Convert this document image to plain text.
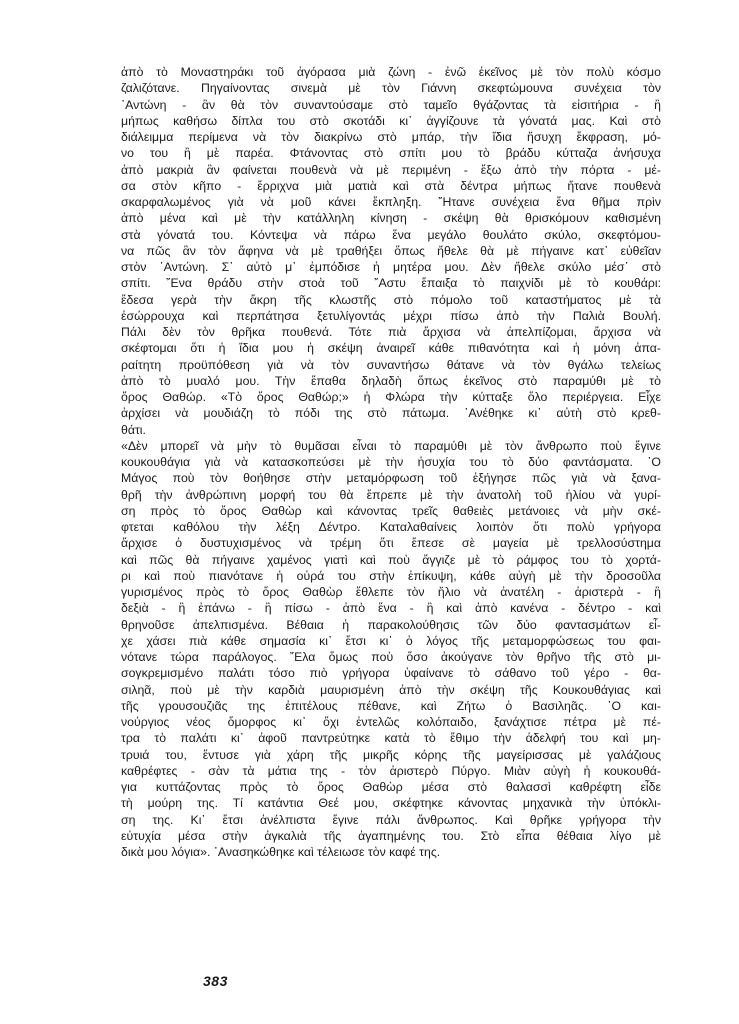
ἀπὸ τὸ Μοναστηράκι τοῦ ἀγόρασα μιὰ ζώνη - ἐνῶ ἐκεῖνος μὲ τὸν πολὺ κόσμο
ζαλιζότανε. Πηγαίνοντας σινεμὰ μὲ τὸν Γιάννη σκεφτώμουνα συνέχεια τὸν
᾿Αντώνη - ἂν θὰ τὸν συναντούσαμε στὸ ταμεῖο θγάζοντας τὰ εἰσιτήρια - ἢ
μήπως καθήσω δίπλα του στὸ σκοτάδι κι᾿ ἀγγίζουνε τὰ γόνατά μας. Καὶ στὸ
διάλειμμα περίμενα νὰ τὸν διακρίνω στὸ μπάρ, τὴν ἴδια ἥσυχη ἔκφραση, μό-
νο του ἢ μὲ παρέα. Φτάνοντας στὸ σπίτι μου τὸ βράδυ κύτταζα ἀνήσυχα
ἀπὸ μακριὰ ἂν φαίνεται πουθενὰ νὰ μὲ περιμένη - ἔξω ἀπὸ τὴν πόρτα - μέ-
σα στὸν κῆπο - ἔρριχνα μιὰ ματιὰ καὶ στὰ δέντρα μήπως ἤτανε πουθενὰ
σκαρφαλωμένος γιὰ νὰ μοῦ κάνει ἔκπληξη. ῎Ητανε συνέχεια ἕνα θῆμα πρὶν
ἀπὸ μένα καὶ μὲ τὴν κατάλληλη κίνηση - σκέψη θὰ θρισκόμουν καθισμένη
στὰ γόνατά του. Κόντεψα νὰ πάρω ἕνα μεγάλο θουλάτο σκύλο, σκεφτόμου-
να πῶς ἂν τὸν ἄφηνα νὰ μὲ τραθήξει ὅπως ἤθελε θὰ μὲ πήγαινε κατ᾿ εὐθεῖαν
στὸν ᾿Αντώνη. Σ᾿ αὐτὸ μ᾿ ἐμπόδισε ἡ μητέρα μου. Δὲν ἤθελε σκύλο μέσ᾿ στὸ
σπίτι. ῞Ενα θράδυ στὴν στοὰ τοῦ ῎Αστυ ἔπαιξα τὸ παιχνίδι μὲ τὸ κουθάρι:
ἔδεσα γερὰ τὴν ἄκρη τῆς κλωστῆς στὸ πόμολο τοῦ καταστήματος μὲ τὰ
ἐσώρρουχα καὶ περπάτησα ξετυλίγοντάς μέχρι πίσω ἀπὸ τὴν Παλιὰ Βουλή.
Πάλι δὲν τὸν θρῆκα πουθενά. Τότε πιὰ ἄρχισα νὰ ἀπελπίζομαι, ἄρχισα νὰ
σκέφτομαι ὅτι ἡ ἴδια μου ἡ σκέψη ἀναιρεῖ κάθε πιθανότητα καὶ ἡ μόνη ἀπα-
ραίτητη προϋπόθεση γιὰ νὰ τὸν συναντήσω θάτανε νὰ τὸν θγάλω τελείως
ἀπὸ τὸ μυαλό μου. Τὴν ἔπαθα δηλαδὴ ὅπως ἐκεῖνος στὸ παραμύθι μὲ τὸ
ὄρος Θαθώρ. «Τὸ ὄρος Θαθώρ;» ἡ Φλώρα τὴν κύτταξε ὅλο περιέργεια. Εἶχε
ἀρχίσει νὰ μουδιάζη τὸ πόδι της στὸ πάτωμα. ᾿Ανέθηκε κι᾿ αὐτὴ στὸ κρεθ-
θάτι.
«Δὲν μπορεῖ νὰ μὴν τὸ θυμᾶσαι εἶναι τὸ παραμύθι μὲ τὸν ἄνθρωπο ποὺ ἔγινε
κουκουθάγια γιὰ νὰ κατασκοπεύσει μὲ τὴν ἡσυχία του τὸ δύο φαντάσματα. ῾Ο
Μάγος ποὺ τὸν θοήθησε στὴν μεταμόρφωση τοῦ ἐξήγησε πῶς γιὰ νὰ ξανα-
θρῆ τὴν ἀνθρώπινη μορφή του θὰ ἔπρεπε μὲ τὴν ἀνατολὴ τοῦ ἡλίου νὰ γυρί-
ση πρὸς τὸ ὄρος Θαθὼρ καὶ κάνοντας τρεῖς θαθειὲς μετάνοιες νὰ μὴν σκέ-
φτεται καθόλου τὴν λέξη Δέντρο. Καταλαθαίνεις λοιπὸν ὅτι πολὺ γρήγορα
ἄρχισε ὁ δυστυχισμένος νὰ τρέμη ὅτι ἔπεσε σὲ μαγεία μὲ τρελλοσύστημα
καὶ πῶς θὰ πήγαινε χαμένος γιατὶ καὶ ποὺ ἄγγιζε μὲ τὸ ράμφος του τὸ χορτά-
ρι καὶ ποὺ πιανότανε ἡ οὐρά του στὴν ἐπίκυψη, κάθε αὐγὴ μὲ τὴν δροσοῦλα
γυρισμένος πρὸς τὸ ὄρος Θαθὼρ ἔθλεπε τὸν ἥλιο νὰ ἀνατέλη - ἀριστερὰ - ἢ
δεξιὰ - ἢ ἐπάνω - ἢ πίσω - ἀπὸ ἕνα - ἢ καὶ ἀπὸ κανένα - δέντρο - καὶ
θρηνοῦσε ἀπελπισμένα. Βέθαια ἡ παρακολούθησις τῶν δύο φαντασμάτων εἶ-
χε χάσει πιὰ κάθε σημασία κι᾿ ἔτσι κι᾿ ὁ λόγος τῆς μεταμορφώσεως του φαι-
νότανε τώρα παράλογος. ῎Ελα ὅμως ποὺ ὅσο ἀκούγανε τὸν θρῆνο τῆς στὸ μι-
σογκρεμισμένο παλάτι τόσο πιὸ γρήγορα ὑφαίνανε τὸ σάθανο τοῦ γέρο - θα-
σιληᾶ, ποὺ μὲ τὴν καρδιὰ μαυρισμένη ἀπὸ τὴν σκέψη τῆς Κουκουθάγιας καὶ
τῆς γρουσουζιᾶς της ἐπιτέλους πέθανε, καὶ Ζήτω ὁ Βασιληᾶς. ῾Ο και-
νούργιος νέος ὄμορφος κι᾿ ὄχι ἐντελῶς κολόπαιδο, ξανάχτισε πέτρα μὲ πέ-
τρα τὸ παλάτι κι᾿ ἀφοῦ παντρεύτηκε κατὰ τὸ ἔθιμο τὴν ἀδελφή του καὶ μη-
τρυιά του, ἔντυσε γιὰ χάρη τῆς μικρῆς κόρης τῆς μαγείρισσας μὲ γαλάζιους
καθρέφτες - σὰν τὰ μάτια της - τὸν ἀριστερὸ Πύργο. Μιὰν αὐγὴ ἡ κουκουθά-
για κυττάζοντας πρὸς τὸ ὄρος Θαθὼρ μέσα στὸ θαλασσὶ καθρέφτη εἶδε
τὴ μούρη της. Τί κατάντια Θεέ μου, σκέφτηκε κάνοντας μηχανικὰ τὴν ὑπόκλι-
ση της. Κι᾿ ἔτσι ἀνέλπιστα ἔγινε πάλι ἄνθρωπος. Καὶ θρῆκε γρήγορα τὴν
εὐτυχία μέσα στὴν ἀγκαλιὰ τῆς ἀγαπημένης του. Στὸ εἶπα θέθαια λίγο μὲ
δικὰ μου λόγια». ᾿Ανασηκώθηκε καὶ τέλειωσε τὸν καφέ της.
383
